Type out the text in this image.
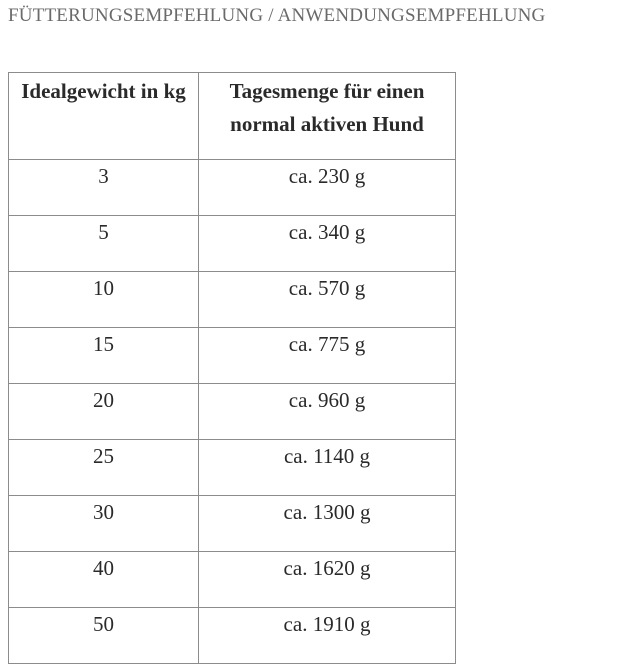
FÜTTERUNGSEMPFEHLUNG / ANWENDUNGSEMPFEHLUNG
Idealgewicht in kg	Tagesmenge für einen normal aktiven Hund
3	ca. 230 g
5	ca. 340 g
10	ca. 570 g
15	ca. 775 g
20	ca. 960 g
25	ca. 1140 g
30	ca. 1300 g
40	ca. 1620 g
50	ca. 1910 g
